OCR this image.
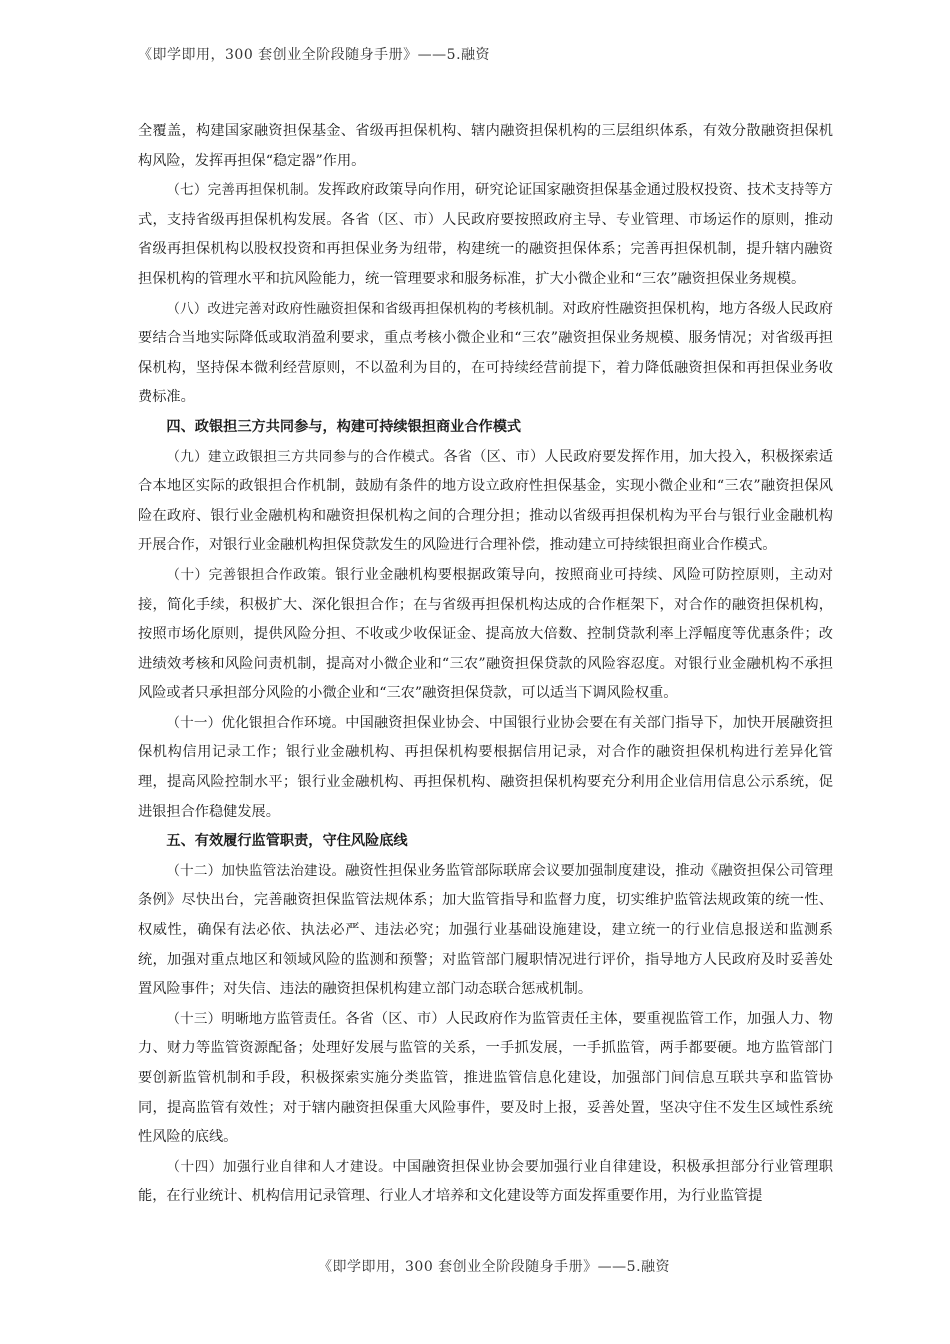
《即学即用，300 套创业全阶段随身手册》——5.融资

全覆盖，构建国家融资担保基金、省级再担保机构、辖内融资担保机构的三层组织体系，有效分散融资担保机构风险，发挥再担保“稳定器”作用。

（七）完善再担保机制。发挥政府政策导向作用，研究论证国家融资担保基金通过股权投资、技术支持等方式，支持省级再担保机构发展。各省（区、市）人民政府要按照政府主导、专业管理、市场运作的原则，推动省级再担保机构以股权投资和再担保业务为纽带，构建统一的融资担保体系；完善再担保机制，提升辖内融资担保机构的管理水平和抗风险能力，统一管理要求和服务标准，扩大小微企业和“三农”融资担保业务规模。

（八）改进完善对政府性融资担保和省级再担保机构的考核机制。对政府性融资担保机构，地方各级人民政府要结合当地实际降低或取消盈利要求，重点考核小微企业和“三农”融资担保业务规模、服务情况；对省级再担保机构，坚持保本微利经营原则，不以盈利为目的，在可持续经营前提下，着力降低融资担保和再担保业务收费标准。

四、政银担三方共同参与，构建可持续银担商业合作模式

（九）建立政银担三方共同参与的合作模式。各省（区、市）人民政府要发挥作用，加大投入，积极探索适合本地区实际的政银担合作机制，鼓励有条件的地方设立政府性担保基金，实现小微企业和“三农”融资担保风险在政府、银行业金融机构和融资担保机构之间的合理分担；推动以省级再担保机构为平台与银行业金融机构开展合作，对银行业金融机构担保贷款发生的风险进行合理补偿，推动建立可持续银担商业合作模式。

（十）完善银担合作政策。银行业金融机构要根据政策导向，按照商业可持续、风险可防控原则，主动对接，简化手续，积极扩大、深化银担合作；在与省级再担保机构达成的合作框架下，对合作的融资担保机构，按照市场化原则，提供风险分担、不收或少收保证金、提高放大倍数、控制贷款利率上浮幅度等优惠条件；改进绩效考核和风险问责机制，提高对小微企业和“三农”融资担保贷款的风险容忍度。对银行业金融机构不承担风险或者只承担部分风险的小微企业和“三农”融资担保贷款，可以适当下调风险权重。

（十一）优化银担合作环境。中国融资担保业协会、中国银行业协会要在有关部门指导下，加快开展融资担保机构信用记录工作；银行业金融机构、再担保机构要根据信用记录，对合作的融资担保机构进行差异化管理，提高风险控制水平；银行业金融机构、再担保机构、融资担保机构要充分利用企业信用信息公示系统，促进银担合作稳健发展。

五、有效履行监管职责，守住风险底线

（十二）加快监管法治建设。融资性担保业务监管部际联席会议要加强制度建设，推动《融资担保公司管理条例》尽快出台，完善融资担保监管法规体系；加大监管指导和监督力度，切实维护监管法规政策的统一性、权威性，确保有法必依、执法必严、违法必究；加强行业基础设施建设，建立统一的行业信息报送和监测系统，加强对重点地区和领域风险的监测和预警；对监管部门履职情况进行评价，指导地方人民政府及时妥善处置风险事件；对失信、违法的融资担保机构建立部门动态联合惩戒机制。

（十三）明晰地方监管责任。各省（区、市）人民政府作为监管责任主体，要重视监管工作，加强人力、物力、财力等监管资源配备；处理好发展与监管的关系，一手抓发展，一手抓监管，两手都要硬。地方监管部门要创新监管机制和手段，积极探索实施分类监管，推进监管信息化建设，加强部门间信息互联共享和监管协同，提高监管有效性；对于辖内融资担保重大风险事件，要及时上报，妥善处置，坚决守住不发生区域性系统性风险的底线。

（十四）加强行业自律和人才建设。中国融资担保业协会要加强行业自律建设，积极承担部分行业管理职能，在行业统计、机构信用记录管理、行业人才培养和文化建设等方面发挥重要作用，为行业监管提

《即学即用，300 套创业全阶段随身手册》——5.融资
